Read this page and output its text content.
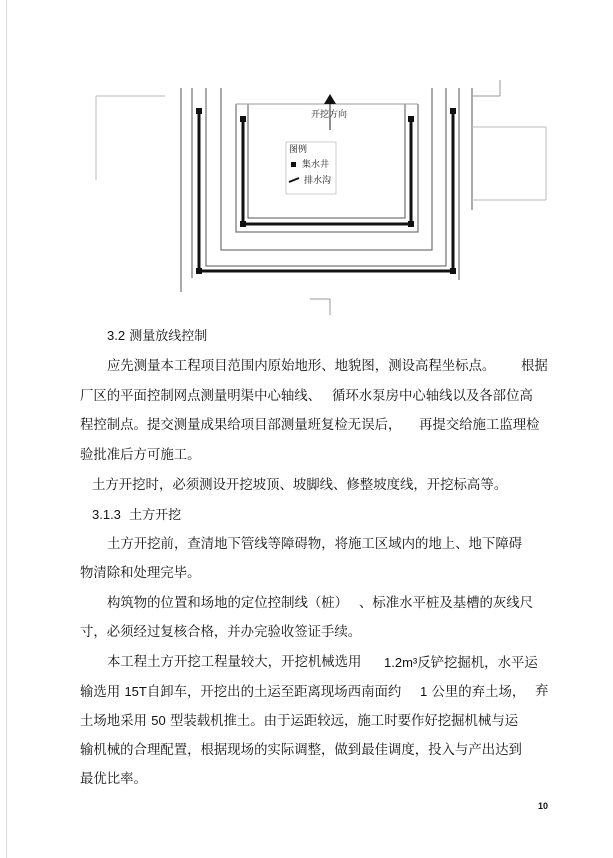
开挖方向
图例
集水井
排水沟
3.2 测量放线控制
应先测量本工程项目范围内原始地形、地貌图，测设高程坐标点。 根据
厂区的平面控制网点测量明渠中心轴线、 循环水泵房中心轴线以及各部位高
程控制点。提交测量成果给项目部测量班复检无误后， 再提交给施工监理检
验批准后方可施工。
土方开挖时，必须测设开挖坡顶、坡脚线、修整坡度线，开挖标高等。
3.1.3 土方开挖
土方开挖前，查清地下管线等障碍物，将施工区域内的地上、地下障碍
物清除和处理完毕。
构筑物的位置和场地的定位控制线（桩） 、标准水平桩及基槽的灰线尺
寸，必须经过复核合格，并办完验收签证手续。
本工程土方开挖工程量较大，开挖机械选用 1.2m³反铲挖掘机，水平运
输选用 15T自卸车，开挖出的土运至距离现场西南面约 1 公里的弃土场， 弃
土场地采用 50 型装载机推土。由于运距较远，施工时要作好挖掘机械与运
输机械的合理配置，根据现场的实际调整，做到最佳调度，投入与产出达到
最优比率。
10
